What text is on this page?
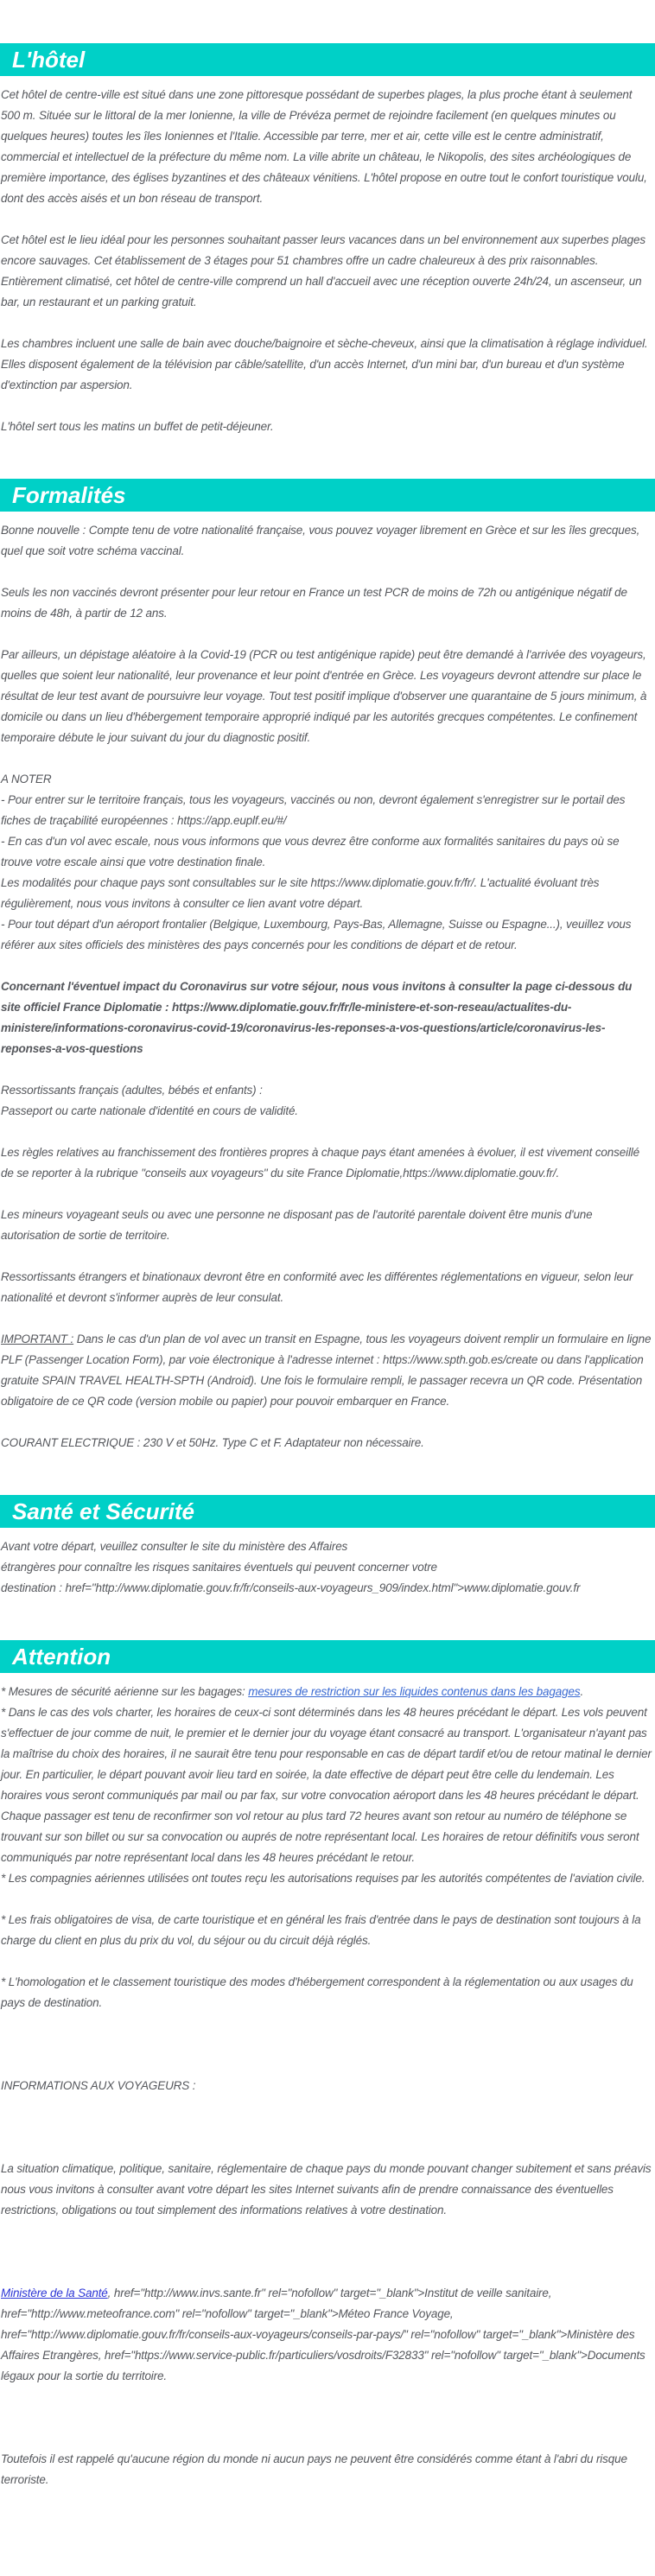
L'hôtel

Cet hôtel de centre-ville est situé dans une zone pittoresque possédant de superbes plages, la plus proche étant à seulement 500 m. Située sur le littoral de la mer Ionienne, la ville de Prévéza permet de rejoindre facilement (en quelques minutes ou quelques heures) toutes les îles Ioniennes et l'Italie. Accessible par terre, mer et air, cette ville est le centre administratif, commercial et intellectuel de la préfecture du même nom. La ville abrite un château, le Nikopolis, des sites archéologiques de première importance, des églises byzantines et des châteaux vénitiens. L'hôtel propose en outre tout le confort touristique voulu, dont des accès aisés et un bon réseau de transport.

Cet hôtel est le lieu idéal pour les personnes souhaitant passer leurs vacances dans un bel environnement aux superbes plages encore sauvages. Cet établissement de 3 étages pour 51 chambres offre un cadre chaleureux à des prix raisonnables. Entièrement climatisé, cet hôtel de centre-ville comprend un hall d'accueil avec une réception ouverte 24h/24, un ascenseur, un bar, un restaurant et un parking gratuit.

Les chambres incluent une salle de bain avec douche/baignoire et sèche-cheveux, ainsi que la climatisation à réglage individuel. Elles disposent également de la télévision par câble/satellite, d'un accès Internet, d'un mini bar, d'un bureau et d'un système d'extinction par aspersion.

L'hôtel sert tous les matins un buffet de petit-déjeuner.

Formalités

Bonne nouvelle : Compte tenu de votre nationalité française, vous pouvez voyager librement en Grèce et sur les îles grecques, quel que soit votre schéma vaccinal.

Seuls les non vaccinés devront présenter pour leur retour en France un test PCR de moins de 72h ou antigénique négatif de moins de 48h, à partir de 12 ans.

Par ailleurs, un dépistage aléatoire à la Covid-19 (PCR ou test antigénique rapide) peut être demandé à l'arrivée des voyageurs, quelles que soient leur nationalité, leur provenance et leur point d'entrée en Grèce. Les voyageurs devront attendre sur place le résultat de leur test avant de poursuivre leur voyage. Tout test positif implique d'observer une quarantaine de 5 jours minimum, à domicile ou dans un lieu d'hébergement temporaire approprié indiqué par les autorités grecques compétentes. Le confinement temporaire débute le jour suivant du jour du diagnostic positif.

A NOTER

- Pour entrer sur le territoire français, tous les voyageurs, vaccinés ou non, devront également s'enregistrer sur le portail des fiches de traçabilité européennes : https://app.euplf.eu/#/

- En cas d'un vol avec escale, nous vous informons que vous devrez être conforme aux formalités sanitaires du pays où se trouve votre escale ainsi que votre destination finale.

Les modalités pour chaque pays sont consultables sur le site https://www.diplomatie.gouv.fr/fr/. L'actualité évoluant très régulièrement, nous vous invitons à consulter ce lien avant votre départ.

- Pour tout départ d'un aéroport frontalier (Belgique, Luxembourg, Pays-Bas, Allemagne, Suisse ou Espagne...), veuillez vous référer aux sites officiels des ministères des pays concernés pour les conditions de départ et de retour.

Concernant l'éventuel impact du Coronavirus sur votre séjour, nous vous invitons à consulter la page ci-dessous du site officiel France Diplomatie : https://www.diplomatie.gouv.fr/fr/le-ministere-et-son-reseau/actualites-du-ministere/informations-coronavirus-covid-19/coronavirus-les-reponses-a-vos-questions/article/coronavirus-les-reponses-a-vos-questions

Ressortissants français (adultes, bébés et enfants) :

Passeport ou carte nationale d'identité en cours de validité.

Les règles relatives au franchissement des frontières propres à chaque pays étant amenées à évoluer, il est vivement conseillé de se reporter à la rubrique "conseils aux voyageurs" du site France Diplomatie,https://www.diplomatie.gouv.fr/.

Les mineurs voyageant seuls ou avec une personne ne disposant pas de l'autorité parentale doivent être munis d'une autorisation de sortie de territoire.

Ressortissants étrangers et binationaux devront être en conformité avec les différentes réglementations en vigueur, selon leur nationalité et devront s'informer auprès de leur consulat.

IMPORTANT : Dans le cas d'un plan de vol avec un transit en Espagne, tous les voyageurs doivent remplir un formulaire en ligne PLF (Passenger Location Form), par voie électronique à l'adresse internet : https://www.spth.gob.es/create ou dans l'application gratuite SPAIN TRAVEL HEALTH-SPTH (Android). Une fois le formulaire rempli, le passager recevra un QR code. Présentation obligatoire de ce QR code (version mobile ou papier) pour pouvoir embarquer en France.

COURANT ELECTRIQUE : 230 V et 50Hz. Type C et F. Adaptateur non nécessaire.

Santé et Sécurité

Avant votre départ, veuillez consulter le site du ministère des Affaires

étrangères pour connaître les risques sanitaires éventuels qui peuvent concerner votre

destination : href="http://www.diplomatie.gouv.fr/fr/conseils-aux-voyageurs_909/index.html">www.diplomatie.gouv.fr

Attention

* Mesures de sécurité aérienne sur les bagages: mesures de restriction sur les liquides contenus dans les bagages.

* Dans le cas des vols charter, les horaires de ceux-ci sont déterminés dans les 48 heures précédant le départ. Les vols peuvent s'effectuer de jour comme de nuit, le premier et le dernier jour du voyage étant consacré au transport. L'organisateur n'ayant pas la maîtrise du choix des horaires, il ne saurait être tenu pour responsable en cas de départ tardif et/ou de retour matinal le dernier jour. En particulier, le départ pouvant avoir lieu tard en soirée, la date effective de départ peut être celle du lendemain. Les horaires vous seront communiqués par mail ou par fax, sur votre convocation aéroport dans les 48 heures précédant le départ. Chaque passager est tenu de reconfirmer son vol retour au plus tard 72 heures avant son retour au numéro de téléphone se trouvant sur son billet ou sur sa convocation ou auprés de notre représentant local. Les horaires de retour définitifs vous seront communiqués par notre représentant local dans les 48 heures précédant le retour.

* Les compagnies aériennes utilisées ont toutes reçu les autorisations requises par les autorités compétentes de l'aviation civile.

* Les frais obligatoires de visa, de carte touristique et en général les frais d'entrée dans le pays de destination sont toujours à la charge du client en plus du prix du vol, du séjour ou du circuit déjà réglés.

* L'homologation et le classement touristique des modes d'hébergement correspondent à la réglementation ou aux usages du pays de destination.

INFORMATIONS AUX VOYAGEURS :

La situation climatique, politique, sanitaire, réglementaire de chaque pays du monde pouvant changer subitement et sans préavis

nous vous invitons à consulter avant votre départ les sites Internet suivants afin de prendre connaissance des éventuelles restrictions, obligations ou tout simplement des informations relatives à votre destination.

Ministère de la Santé, href="http://www.invs.sante.fr" rel="nofollow" target="_blank">Institut de veille sanitaire, href="http://www.meteofrance.com" rel="nofollow" target="_blank">Méteo France Voyage, href="http://www.diplomatie.gouv.fr/fr/conseils-aux-voyageurs/conseils-par-pays/" rel="nofollow" target="_blank">Ministère des Affaires Etrangères, href="https://www.service-public.fr/particuliers/vosdroits/F32833" rel="nofollow" target="_blank">Documents légaux pour la sortie du territoire.

Toutefois il est rappelé qu'aucune région du monde ni aucun pays ne peuvent être considérés comme étant à l'abri du risque terroriste.
